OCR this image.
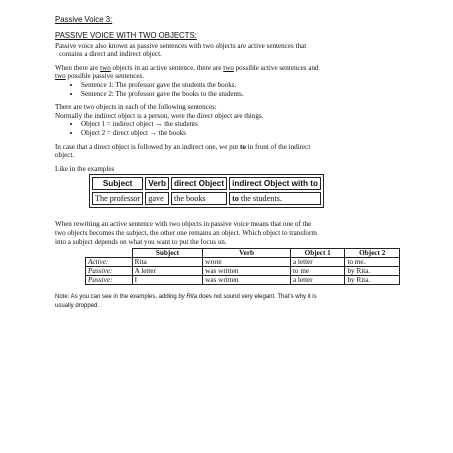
Passive Voice 3:

PASSIVE VOICE WITH TWO OBJECTS:

Passive voice also known as passive sentences with two objects are active sentences that

contains a direct and indirect object.

When there are two objects in an active sentence, there are two possible active sentences and

two possible passive sentences.

• Sentence 1: The professor gave the students the books.
• Sentence 2: The professor gave the books to the students.

There are two objects in each of the following sentences:

Normally the indirect object is a person, were the direct object are things.

• Object 1 = indirect object → the students
• Object 2 = direct object → the books

In case that a direct object is followed by an indirect one, we put to in front of the indirect

object.

Like in the examples

Subject	Verb	direct Object	indirect Object with to
The professor	gave	the books	to the students.

When rewriting an active sentence with two objects in passive voice means that one of the

two objects becomes the subject, the other one remains an object. Which object to transform

into a subject depends on what you want to put the focus on.

	Subject	Verb	Object 1	Object 2
Active:	Rita	wrote	a letter	to me.
Passive:	A letter	was written	to me	by Rita.
Passive:	I	was written	a letter	by Rita.

Note: As you can see in the examples, adding by Rita does not sound very elegant. That’s why it is

usually dropped.
